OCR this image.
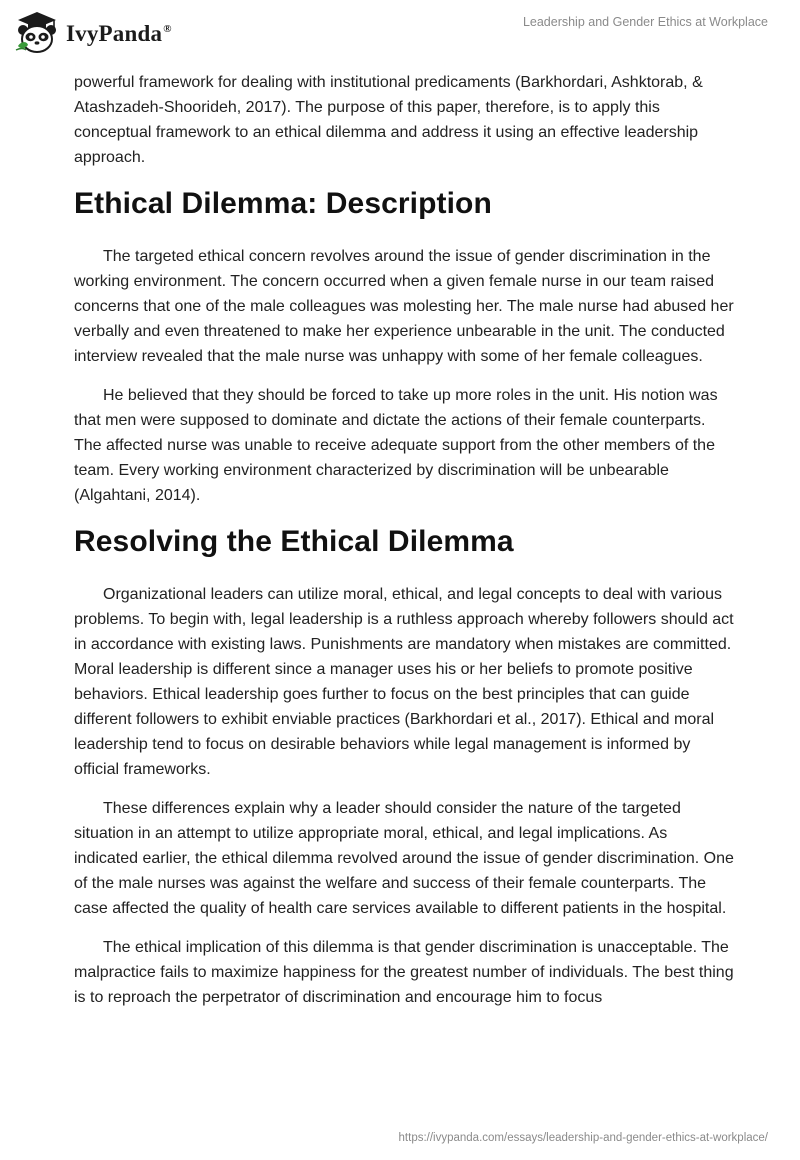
IvyPanda®
Leadership and Gender Ethics at Workplace

powerful framework for dealing with institutional predicaments (Barkhordari, Ashktorab, & Atashzadeh-Shoorideh, 2017). The purpose of this paper, therefore, is to apply this conceptual framework to an ethical dilemma and address it using an effective leadership approach.

Ethical Dilemma: Description

The targeted ethical concern revolves around the issue of gender discrimination in the working environment. The concern occurred when a given female nurse in our team raised concerns that one of the male colleagues was molesting her. The male nurse had abused her verbally and even threatened to make her experience unbearable in the unit. The conducted interview revealed that the male nurse was unhappy with some of her female colleagues.

He believed that they should be forced to take up more roles in the unit. His notion was that men were supposed to dominate and dictate the actions of their female counterparts. The affected nurse was unable to receive adequate support from the other members of the team. Every working environment characterized by discrimination will be unbearable (Algahtani, 2014).

Resolving the Ethical Dilemma

Organizational leaders can utilize moral, ethical, and legal concepts to deal with various problems. To begin with, legal leadership is a ruthless approach whereby followers should act in accordance with existing laws. Punishments are mandatory when mistakes are committed. Moral leadership is different since a manager uses his or her beliefs to promote positive behaviors. Ethical leadership goes further to focus on the best principles that can guide different followers to exhibit enviable practices (Barkhordari et al., 2017). Ethical and moral leadership tend to focus on desirable behaviors while legal management is informed by official frameworks.

These differences explain why a leader should consider the nature of the targeted situation in an attempt to utilize appropriate moral, ethical, and legal implications. As indicated earlier, the ethical dilemma revolved around the issue of gender discrimination. One of the male nurses was against the welfare and success of their female counterparts. The case affected the quality of health care services available to different patients in the hospital.

The ethical implication of this dilemma is that gender discrimination is unacceptable. The malpractice fails to maximize happiness for the greatest number of individuals. The best thing is to reproach the perpetrator of discrimination and encourage him to focus

https://ivypanda.com/essays/leadership-and-gender-ethics-at-workplace/
